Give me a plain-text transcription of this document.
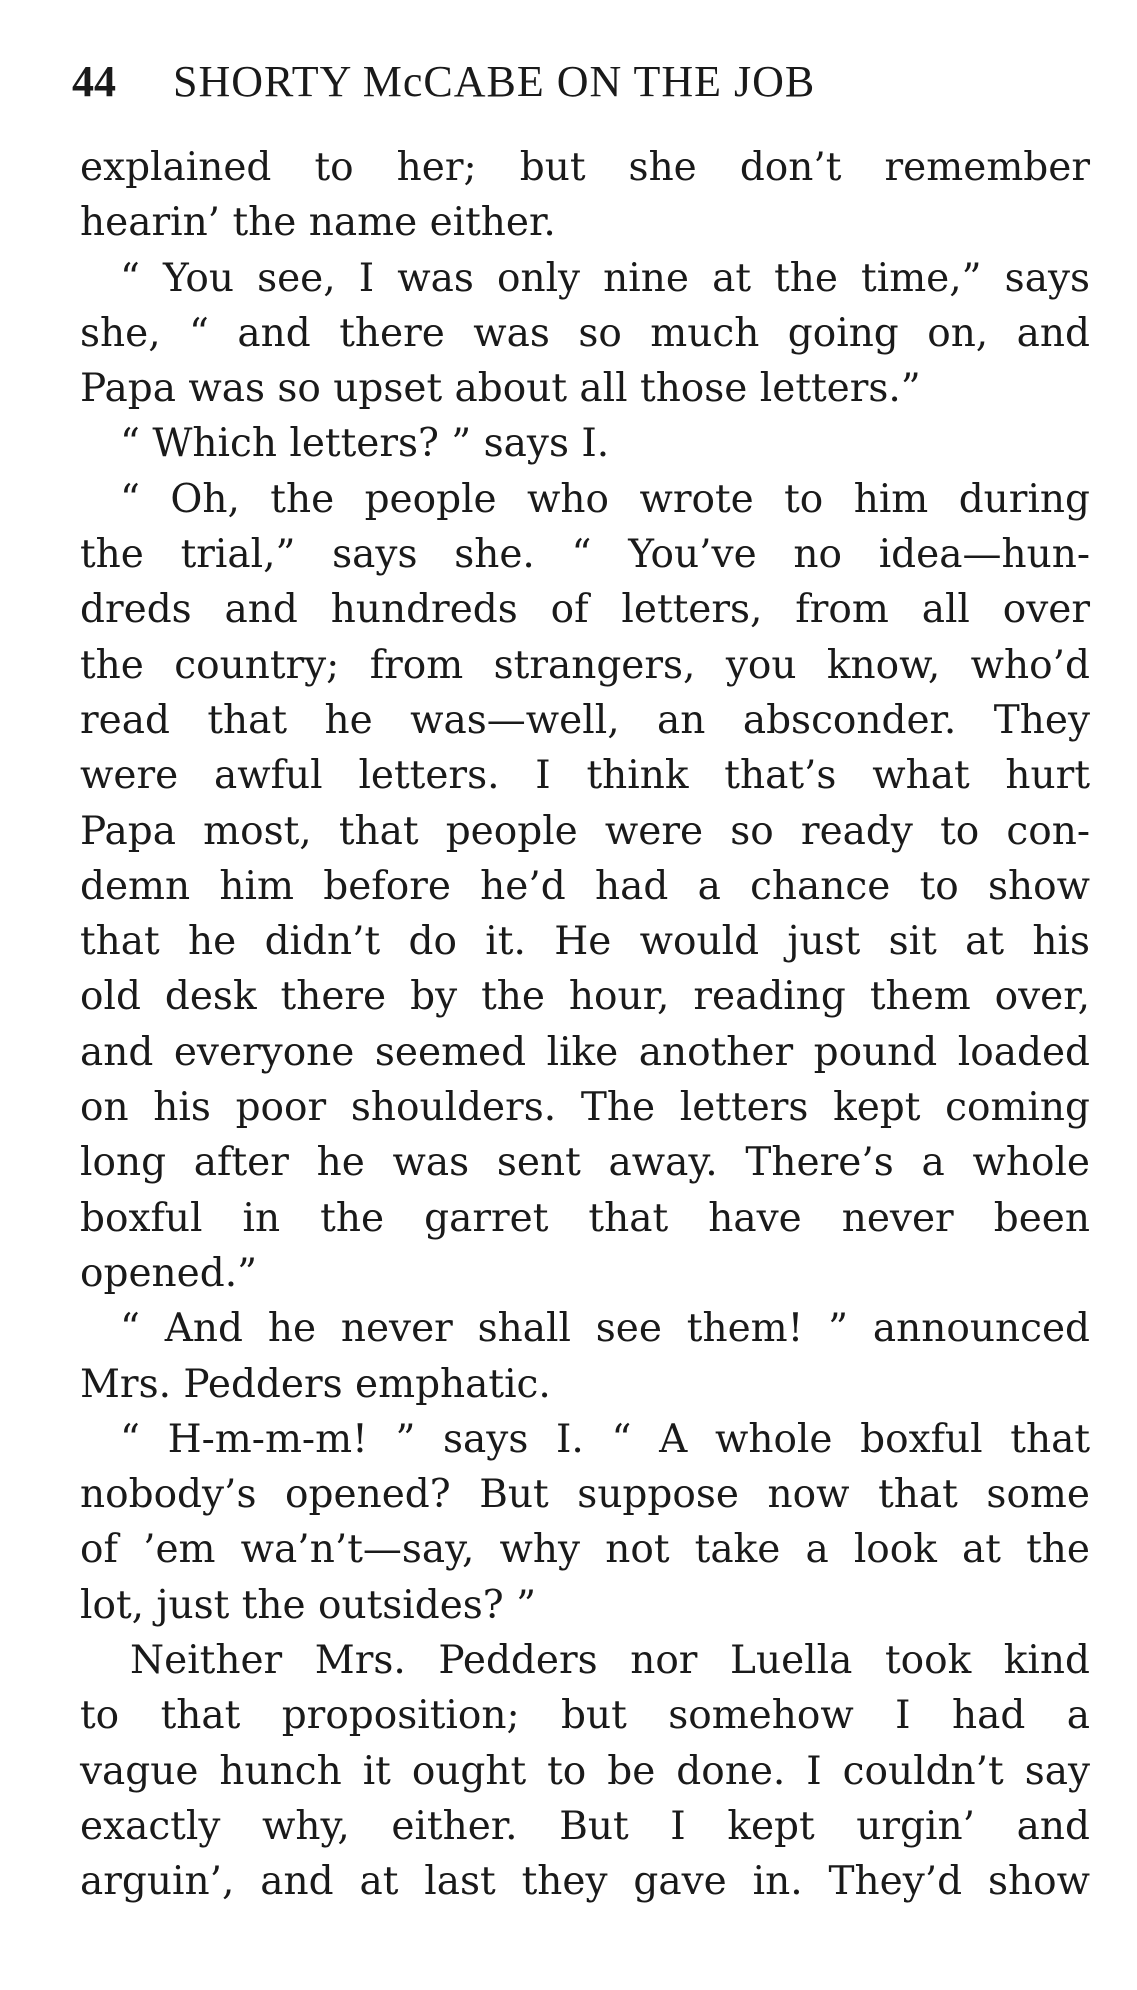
44 SHORTY McCABE ON THE JOB
explained to her; but she don’t remember
hearin’ the name either.
“ You see, I was only nine at the time,” says
she, “ and there was so much going on, and
Papa was so upset about all those letters.”
“ Which letters? ” says I.
“ Oh, the people who wrote to him during
the trial,” says she. “ You’ve no idea—hun-
dreds and hundreds of letters, from all over
the country; from strangers, you know, who’d
read that he was—well, an absconder. They
were awful letters. I think that’s what hurt
Papa most, that people were so ready to con-
demn him before he’d had a chance to show
that he didn’t do it. He would just sit at his
old desk there by the hour, reading them over,
and everyone seemed like another pound loaded
on his poor shoulders. The letters kept coming
long after he was sent away. There’s a whole
boxful in the garret that have never been
opened.”
“ And he never shall see them! ” announced
Mrs. Pedders emphatic.
“ H-m-m-m! ” says I. “ A whole boxful that
nobody’s opened? But suppose now that some
of ’em wa’n’t—say, why not take a look at the
lot, just the outsides? ”
Neither Mrs. Pedders nor Luella took kind
to that proposition; but somehow I had a
vague hunch it ought to be done. I couldn’t say
exactly why, either. But I kept urgin’ and
arguin’, and at last they gave in. They’d show
